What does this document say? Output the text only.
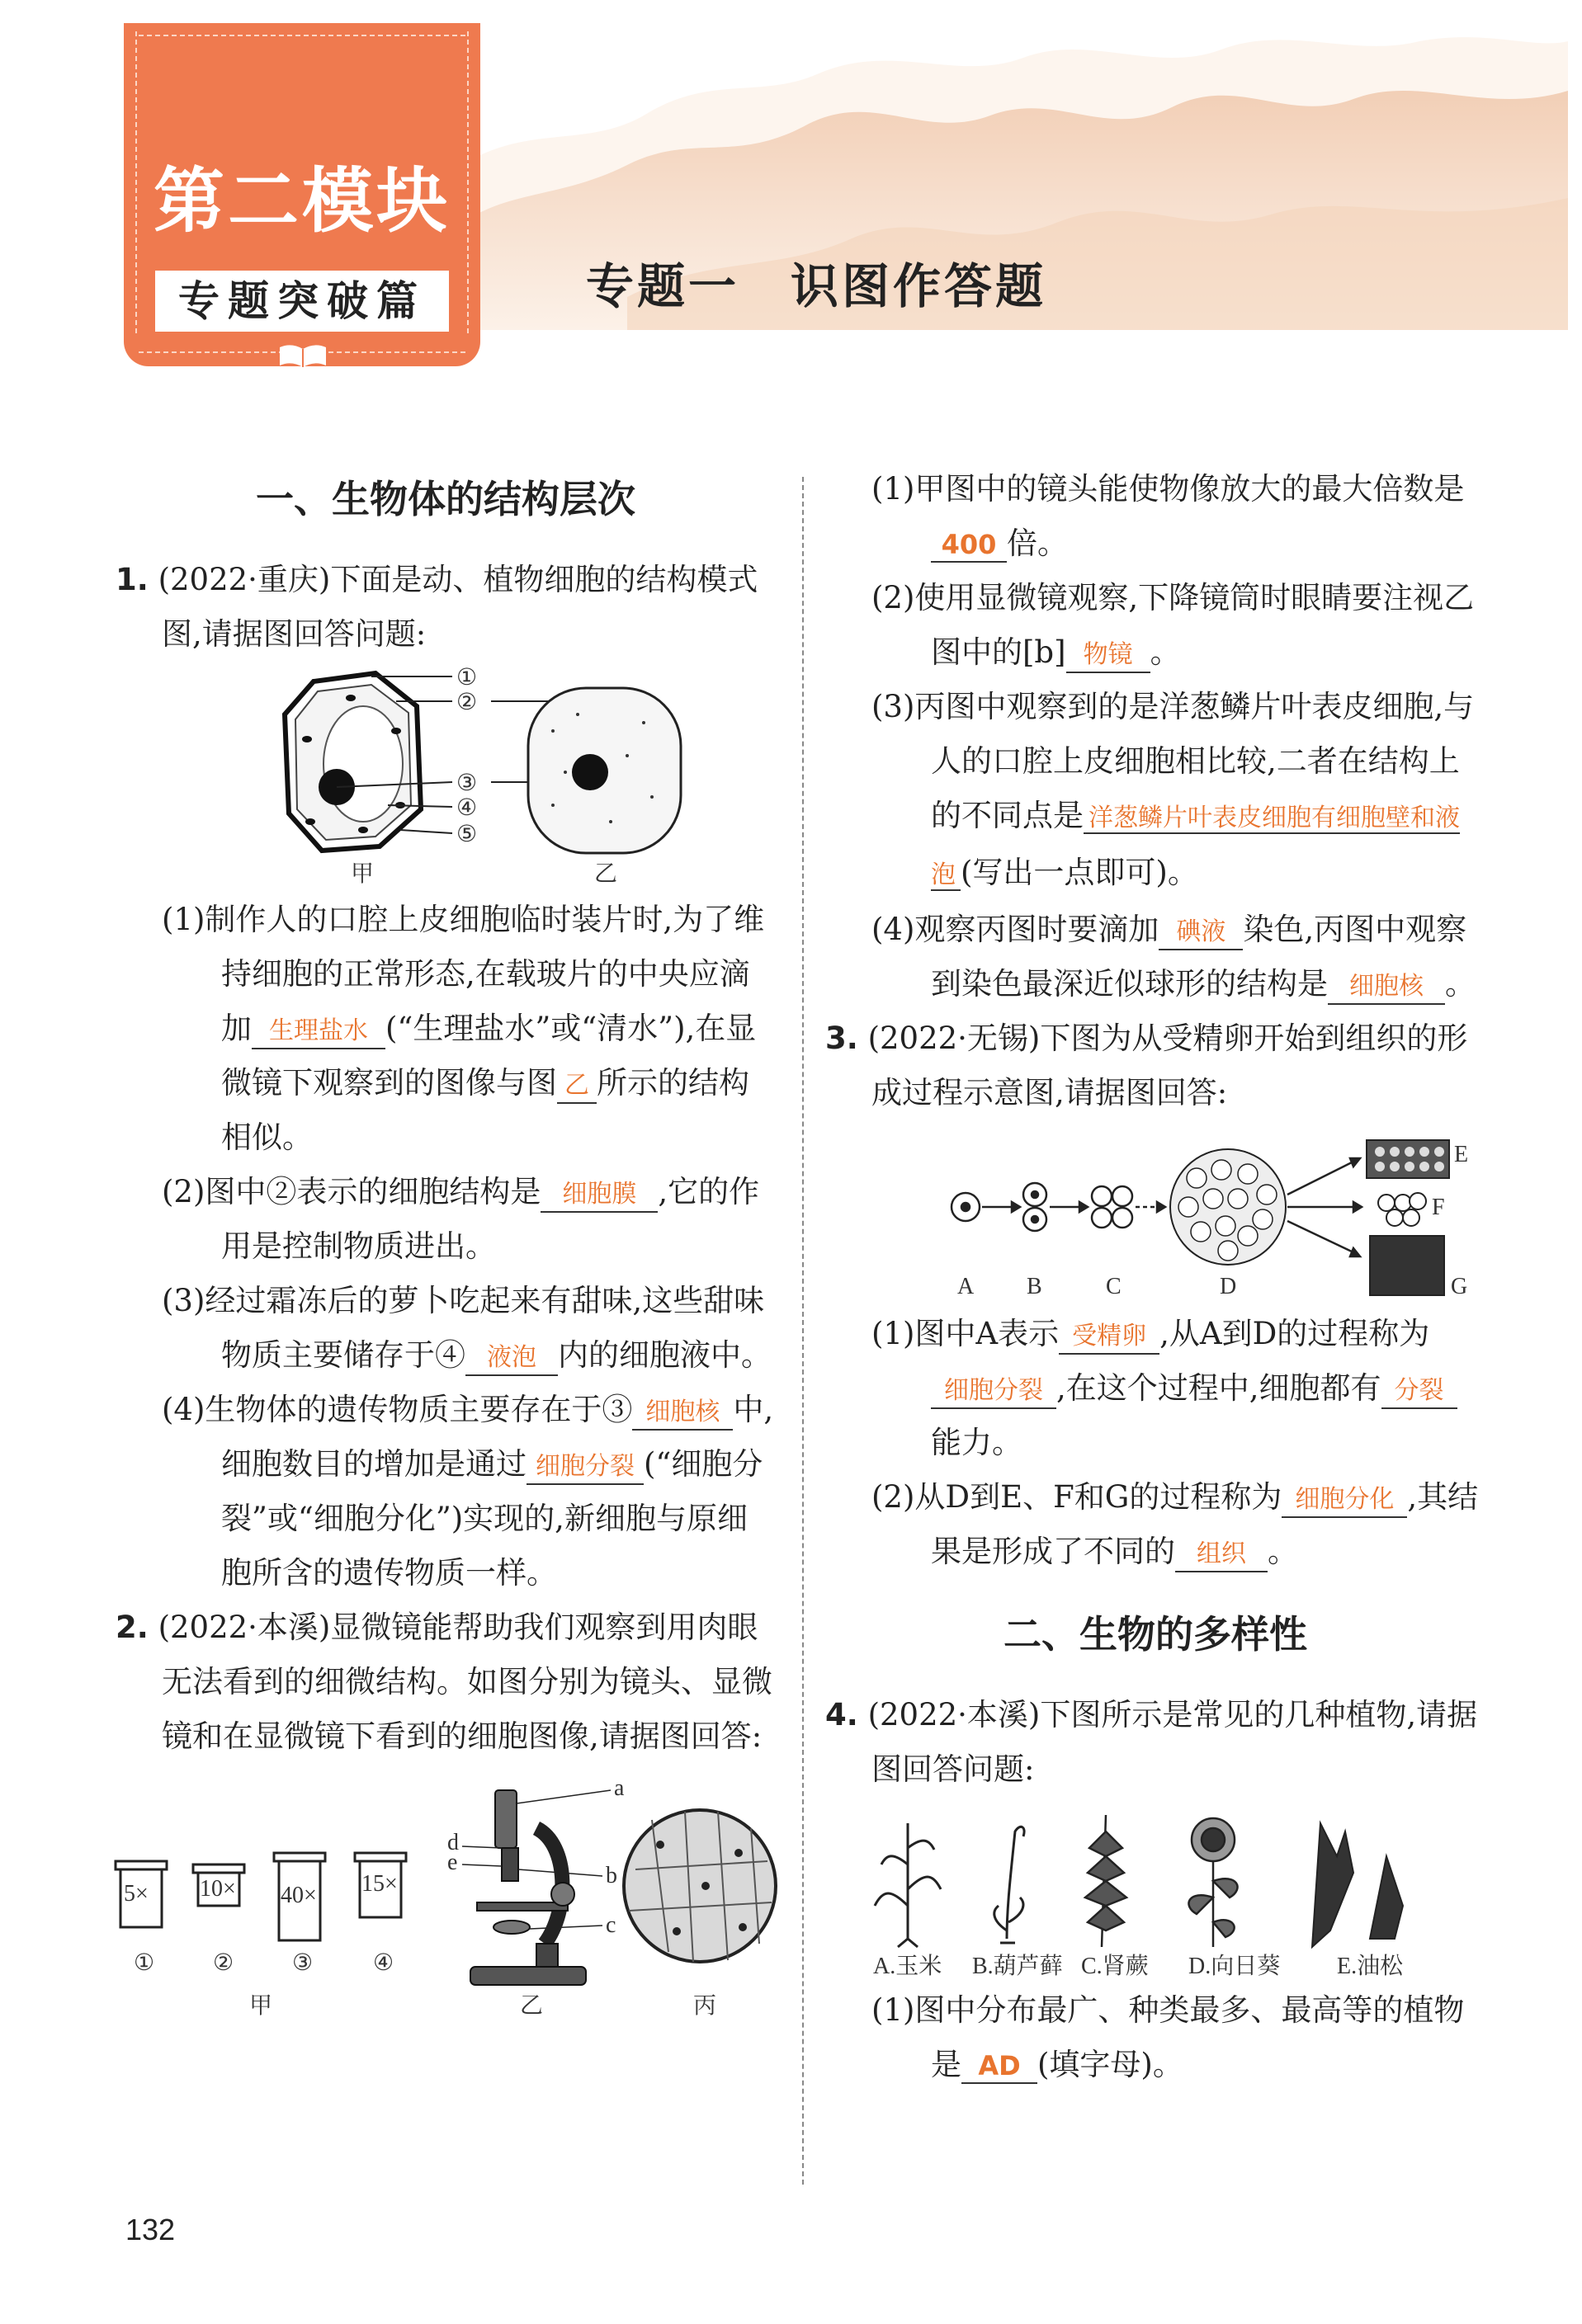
第二模块
专题突破篇	专题一　识图作答题
一、生物体的结构层次

1. (2022·重庆)下面是动、植物细胞的结构模式图,请据图回答问题:

①
②
③
④
⑤
甲	乙

(1)制作人的口腔上皮细胞临时装片时,为了维持细胞的正常形态,在载玻片的中央应滴加 生理盐水 (“生理盐水”或“清水”),在显微镜下观察到的图像与图 乙 所示的结构相似。

(2)图中②表示的细胞结构是 细胞膜 ,它的作用是控制物质进出。

(3)经过霜冻后的萝卜吃起来有甜味,这些甜味物质主要储存于④ 液泡 内的细胞液中。

(4)生物体的遗传物质主要存在于③ 细胞核 中,细胞数目的增加是通过 细胞分裂 (“细胞分裂”或“细胞分化”)实现的,新细胞与原细胞所含的遗传物质一样。

2. (2022·本溪)显微镜能帮助我们观察到用肉眼无法看到的细微结构。如图分别为镜头、显微镜和在显微镜下看到的细胞图像,请据图回答:

5× 10× 40× 15×
①	②	③	④
甲	乙	丙
a
b
c
d
e

(1)甲图中的镜头能使物像放大的最大倍数是400 倍。

(2)使用显微镜观察,下降镜筒时眼睛要注视乙图中的[b] 物镜 。

(3)丙图中观察到的是洋葱鳞片叶表皮细胞,与人的口腔上皮细胞相比较,二者在结构上的不同点是 洋葱鳞片叶表皮细胞有细胞壁和液泡 (写出一点即可)。

(4)观察丙图时要滴加 碘液 染色,丙图中观察到染色最深近似球形的结构是 细胞核 。

3. (2022·无锡)下图为从受精卵开始到组织的形成过程示意图,请据图回答:

A B	C	D
E
F
G

(1)图中A表示 受精卵 ,从A到D的过程称为细胞分裂 ,在这个过程中,细胞都有 分裂能力。

(2)从D到E、F和G的过程称为 细胞分化 ,其结果是形成了不同的 组织 。

二、生物的多样性

4. (2022·本溪)下图所示是常见的几种植物,请据图回答问题:

A.玉米 B.葫芦藓 C.肾蕨 D.向日葵 E.油松

(1)图中分布最广、种类最多、最高等的植物是 AD (填字母)。

132
